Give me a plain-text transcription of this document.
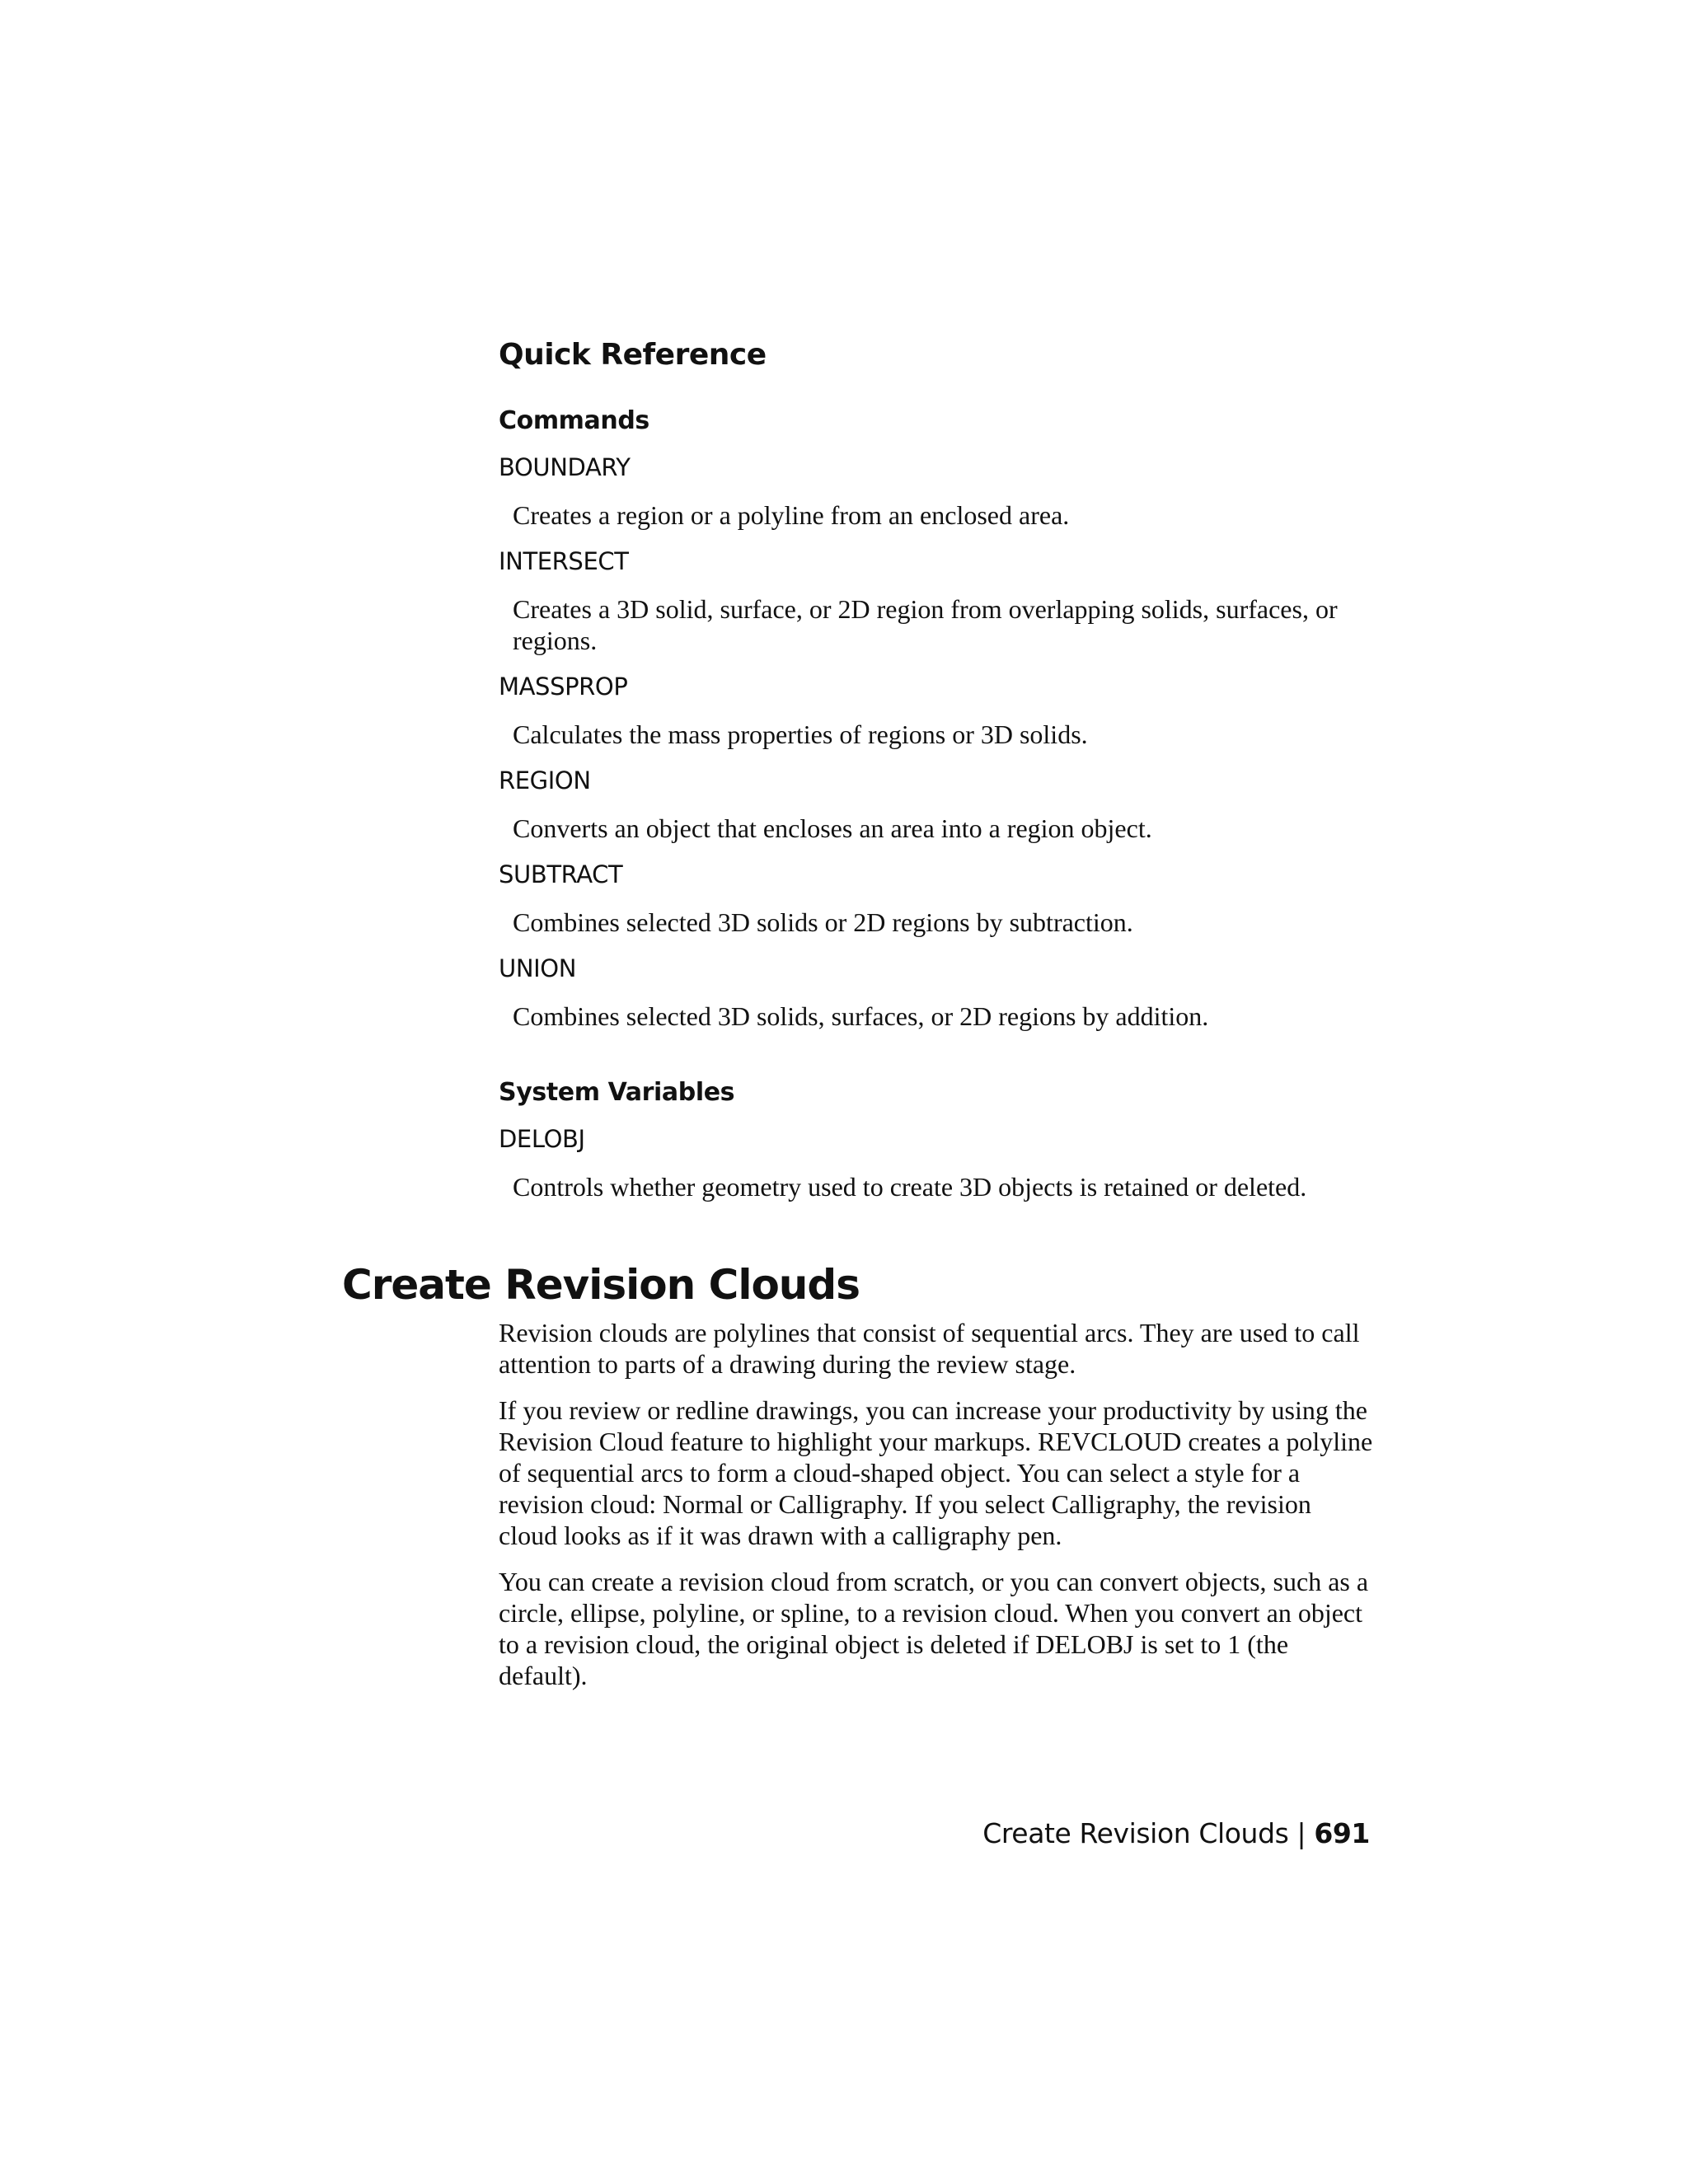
Quick Reference
Commands
BOUNDARY
Creates a region or a polyline from an enclosed area.
INTERSECT
Creates a 3D solid, surface, or 2D region from overlapping solids, surfaces, or regions.
MASSPROP
Calculates the mass properties of regions or 3D solids.
REGION
Converts an object that encloses an area into a region object.
SUBTRACT
Combines selected 3D solids or 2D regions by subtraction.
UNION
Combines selected 3D solids, surfaces, or 2D regions by addition.
System Variables
DELOBJ
Controls whether geometry used to create 3D objects is retained or deleted.
Create Revision Clouds

Revision clouds are polylines that consist of sequential arcs. They are used to call attention to parts of a drawing during the review stage.

If you review or redline drawings, you can increase your productivity by using the Revision Cloud feature to highlight your markups. REVCLOUD creates a polyline of sequential arcs to form a cloud-shaped object. You can select a style for a revision cloud: Normal or Calligraphy. If you select Calligraphy, the revision cloud looks as if it was drawn with a calligraphy pen.

You can create a revision cloud from scratch, or you can convert objects, such as a circle, ellipse, polyline, or spline, to a revision cloud. When you convert an object to a revision cloud, the original object is deleted if DELOBJ is set to 1 (the default).

Create Revision Clouds | 691
